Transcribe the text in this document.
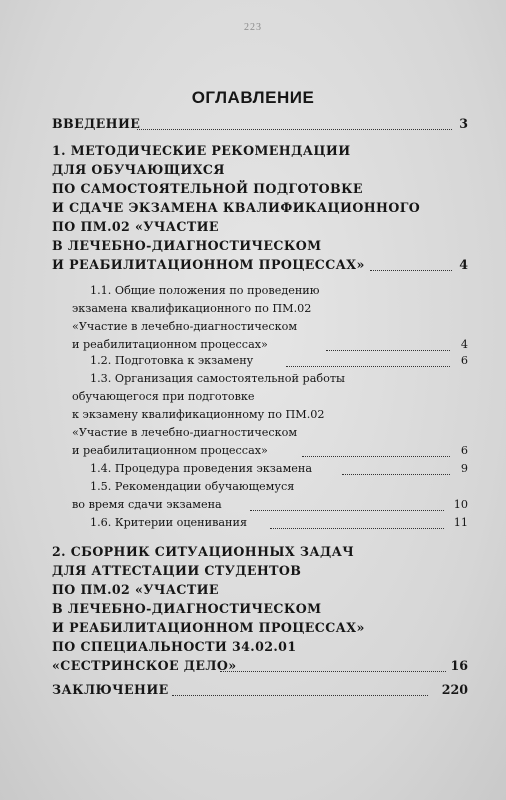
223
ОГЛАВЛЕНИЕ
ВВЕДЕНИЕ	3
1. МЕТОДИЧЕСКИЕ РЕКОМЕНДАЦИИ
ДЛЯ ОБУЧАЮЩИХСЯ
ПО САМОСТОЯТЕЛЬНОЙ ПОДГОТОВКЕ
И СДАЧЕ ЭКЗАМЕНА КВАЛИФИКАЦИОННОГО
ПО ПМ.02 «УЧАСТИЕ
В ЛЕЧЕБНО-ДИАГНОСТИЧЕСКОМ
И РЕАБИЛИТАЦИОННОМ ПРОЦЕССАХ»	4
1.1. Общие положения по проведению
экзамена квалификационного по ПМ.02
«Участие в лечебно-диагностическом
и реабилитационном процессах»	4
1.2. Подготовка к экзамену	6
1.3. Организация самостоятельной работы
обучающегося при подготовке
к экзамену квалификационному по ПМ.02
«Участие в лечебно-диагностическом
и реабилитационном процессах»	6
1.4. Процедура проведения экзамена	9
1.5. Рекомендации обучающемуся
во время сдачи экзамена	10
1.6. Критерии оценивания	11
2. СБОРНИК СИТУАЦИОННЫХ ЗАДАЧ
ДЛЯ АТТЕСТАЦИИ СТУДЕНТОВ
ПО ПМ.02 «УЧАСТИЕ
В ЛЕЧЕБНО-ДИАГНОСТИЧЕСКОМ
И РЕАБИЛИТАЦИОННОМ ПРОЦЕССАХ»
ПО СПЕЦИАЛЬНОСТИ 34.02.01
«СЕСТРИНСКОЕ ДЕЛО»	16
ЗАКЛЮЧЕНИЕ	220
